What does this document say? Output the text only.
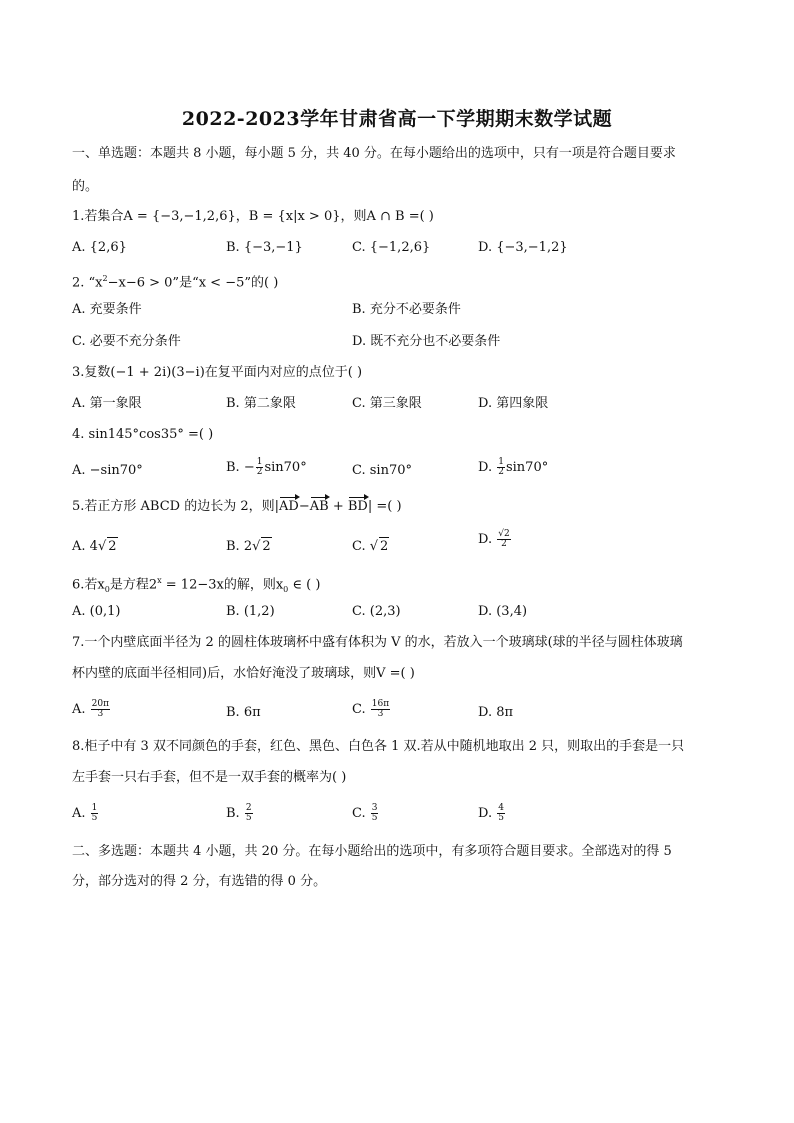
2022-2023学年甘肃省高一下学期期末数学试题
一、单选题：本题共 8 小题，每小题 5 分，共 40 分。在每小题给出的选项中，只有一项是符合题目要求
的。
1.若集合A = {−3,−1,2,6}，B = {x|x > 0}，则A ∩ B =( )
A. {2,6}	B. {−3,−1}	C. {−1,2,6}	D. {−3,−1,2}
2. “$x^2-x-6 > 0$”是“x < −5”的( )
A. 充要条件	B. 充分不必要条件
C. 必要不充分条件	D. 既不充分也不必要条件
3.复数(−1 + 2i)(3−i)在复平面内对应的点位于( )
A. 第一象限	B. 第二象限	C. 第三象限	D. 第四象限
4. sin145°cos35° =( )
A. −sin70°	B. − $\frac{1}{2} \sin 70^\circ$	C. sin70°	D. $\frac{1}{2} \sin 70^\circ$
5.若正方形 ABCD 的边长为 2，则|AD−AB + BD| =( )
A. 4√ 2	B. 2√ 2	C. √ 2	D. $\frac{√2}{2}$
6.若$x_0$是方程$2^x = 12-3x$的解，则$x_0$ ∈ ( )
A. (0,1)	B. (1,2)	C. (2,3)	D. (3,4)
7.一个内壁底面半径为 2 的圆柱体玻璃杯中盛有体积为 V 的水，若放入一个玻璃球(球的半径与圆柱体玻璃
杯内壁的底面半径相同)后，水恰好淹没了玻璃球，则V =( )
A. $\frac{20\pi}{3}$	B. 6π	C. $\frac{16\pi}{3}$	D. 8π
8.柜子中有 3 双不同颜色的手套，红色、黑色、白色各 1 双.若从中随机地取出 2 只，则取出的手套是一只
左手套一只右手套，但不是一双手套的概率为( )
A. $\frac{1}{5}$	B. $\frac{2}{5}$	C. $\frac{3}{5}$	D. $\frac{4}{5}$
二、多选题：本题共 4 小题，共 20 分。在每小题给出的选项中，有多项符合题目要求。全部选对的得 5
分，部分选对的得 2 分，有选错的得 0 分。
